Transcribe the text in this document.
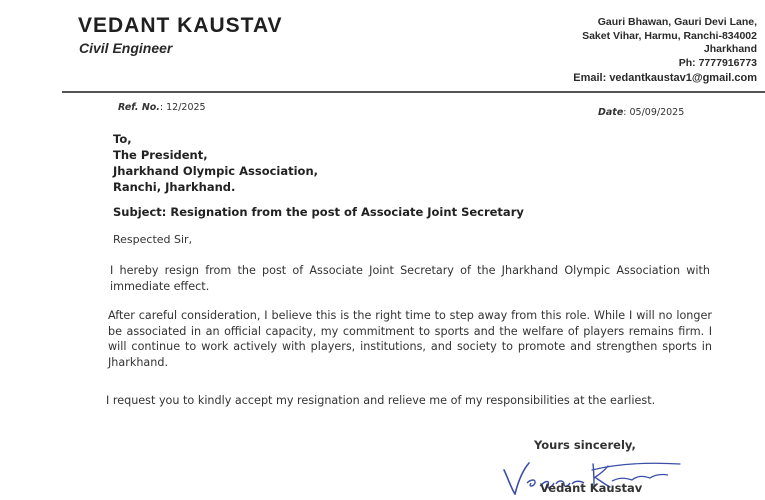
VEDANT KAUSTAV
Civil Engineer
Gauri Bhawan, Gauri Devi Lane,
Saket Vihar, Harmu, Ranchi-834002
Jharkhand
Ph: 7777916773
Email: vedantkaustav1@gmail.com
Ref. No.: 12/2025	Date: 05/09/2025
To,
The President,
Jharkhand Olympic Association,
Ranchi, Jharkhand.
Subject: Resignation from the post of Associate Joint Secretary
Respected Sir,
I hereby resign from the post of Associate Joint Secretary of the Jharkhand Olympic Association with immediate effect.
After careful consideration, I believe this is the right time to step away from this role. While I will no longer be associated in an official capacity, my commitment to sports and the welfare of players remains firm. I will continue to work actively with players, institutions, and society to promote and strengthen sports in Jharkhand.
I request you to kindly accept my resignation and relieve me of my responsibilities at the earliest.
Yours sincerely,
Vedant Kaustav
